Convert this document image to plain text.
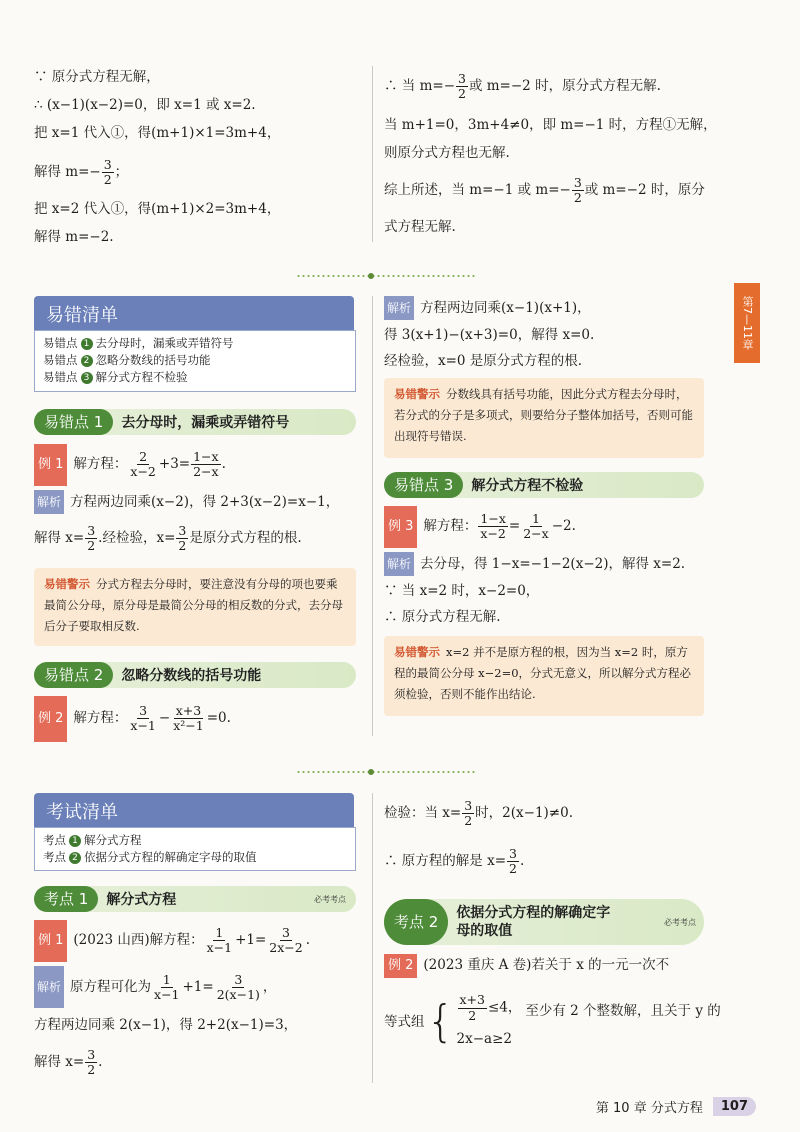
∵ 原分式方程无解，
∴ (x−1)(x−2)=0，即 x=1 或 x=2.
把 x=1 代入①，得(m+1)×1=3m+4，
解得 $m=- \frac{3}{2}$ ；
把 x=2 代入①，得(m+1)×2=3m+4，
解得 m=−2.
∴ 当 $m=- \frac{3}{2}$ 或 m=−2 时，原分式方程无解.
当 m+1=0，3m+4≠0，即 m=−1 时，方程①无解，
则原分式方程也无解.
综上所述，当 m=−1 或 $m=- \frac{3}{2}$ 或 m=−2 时，原分
式方程无解.
第7—11章
易错清单
易错点 1 去分母时，漏乘或弄错符号
易错点 2 忽略分数线的括号功能
易错点 3 解分式方程不检验
易错点 1	去分母时，漏乘或弄错符号
例 1 解方程： $\frac{2}{x-2} +3= \frac{1-x}{2-x}$ .
解析 方程两边同乘(x−2)，得 2+3(x−2)=x−1，
解得 $x= \frac{3}{2}$ .经检验，$x= \frac{3}{2}$ 是原分式方程的根.
易错警示 分式方程去分母时，要注意没有分母的项也要乘最简公分母，原分母是最简公分母的相反数的分式，去分母后分子要取相反数.
易错点 2	忽略分数线的括号功能
例 2 解方程： $\frac{3}{x-1} - \frac{x+3}{\text{x²−1}} =0$.
解析 方程两边同乘(x−1)(x+1)，
得 3(x+1)−(x+3)=0，解得 x=0.
经检验，x=0 是原分式方程的根.
易错警示 分数线具有括号功能，因此分式方程去分母时，若分式的分子是多项式，则要给分子整体加括号，否则可能出现符号错误.
易错点 3	解分式方程不检验
例 3 解方程： $\frac{1-x}{x-2} = \frac{1}{2-x} -2$.
解析 去分母，得 1−x=−1−2(x−2)，解得 x=2.
∵ 当 x=2 时，x−2=0，
∴ 原分式方程无解.
易错警示 x=2 并不是原方程的根，因为当 x=2 时，原方程的最简公分母 x−2=0，分式无意义，所以解分式方程必须检验，否则不能作出结论.
考试清单
考点 1 解分式方程
考点 2 依据分式方程的解确定字母的取值
考点 1	解分式方程	必考考点
例 1 (2023 山西)解方程： $\frac{1}{x-1} +1= \frac{3}{2x-2}$ .
解析 原方程可化为 $\frac{1}{x-1} +1= \frac{3}{2(x-1)}$ ，
方程两边同乘 2(x−1)，得 2+2(x−1)=3，
解得 $x= \frac{3}{2}$ .
检验：当 $x= \frac{3}{2}$ 时，2(x−1)≠0.
∴ 原方程的解是 $x= \frac{3}{2}$ .
考点 2	依据分式方程的解确定字
母的取值
必考考点
例 2 (2023 重庆 A 卷)若关于 x 的一元一次不
等式组 { $\frac{x+3}{2} \le 4$，
2x−a≥2
至少有 2 个整数解，且关于 y 的
第 10 章 分式方程	107
